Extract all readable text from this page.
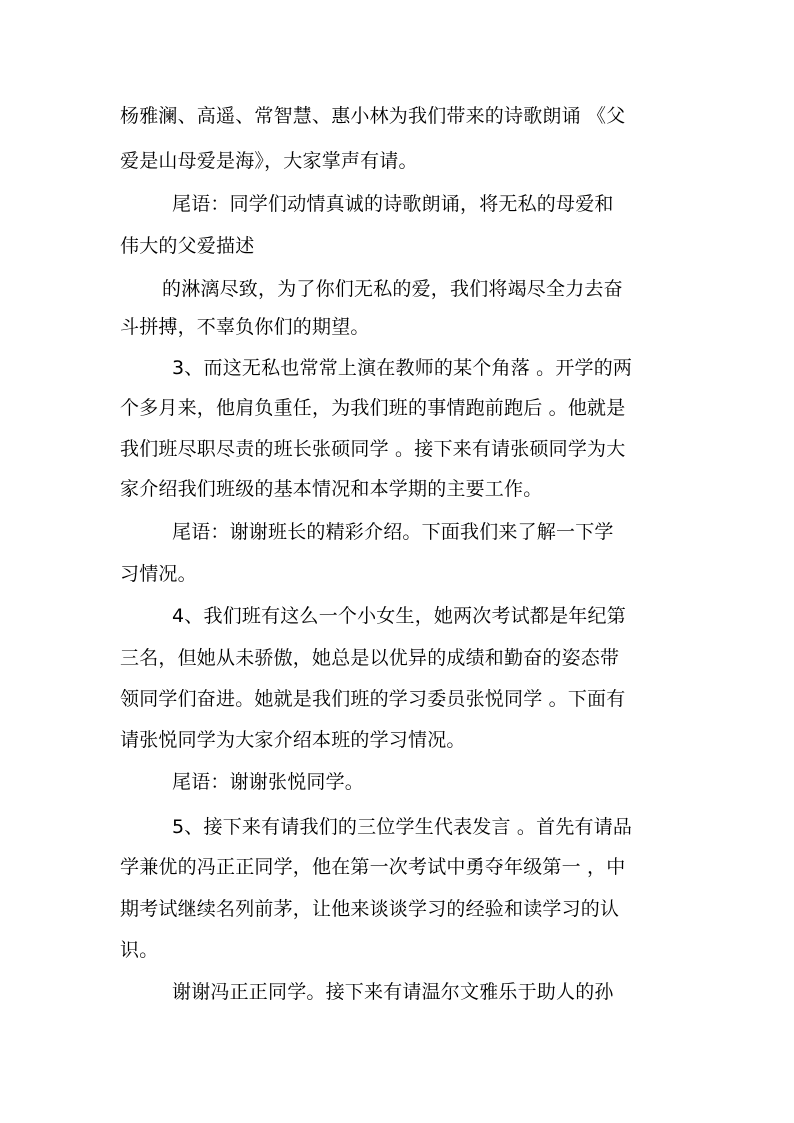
杨雅澜、高遥、常智慧、惠小林为我们带来的诗歌朗诵 《父
爱是山母爱是海》，大家掌声有请。
尾语：同学们动情真诚的诗歌朗诵，将无私的母爱和
伟大的父爱描述
的淋漓尽致，为了你们无私的爱，我们将竭尽全力去奋
斗拼搏，不辜负你们的期望。
3、而这无私也常常上演在教师的某个角落 。开学的两
个多月来，他肩负重任，为我们班的事情跑前跑后 。他就是
我们班尽职尽责的班长张硕同学 。接下来有请张硕同学为大
家介绍我们班级的基本情况和本学期的主要工作。
尾语：谢谢班长的精彩介绍。下面我们来了解一下学
习情况。
4、我们班有这么一个小女生，她两次考试都是年纪第
三名，但她从未骄傲，她总是以优异的成绩和勤奋的姿态带
领同学们奋进。她就是我们班的学习委员张悦同学 。下面有
请张悦同学为大家介绍本班的学习情况。
尾语：谢谢张悦同学。
5、接下来有请我们的三位学生代表发言 。首先有请品
学兼优的冯正正同学，他在第一次考试中勇夺年级第一 ，中
期考试继续名列前茅，让他来谈谈学习的经验和读学习的认
识。
谢谢冯正正同学。接下来有请温尔文雅乐于助人的孙
